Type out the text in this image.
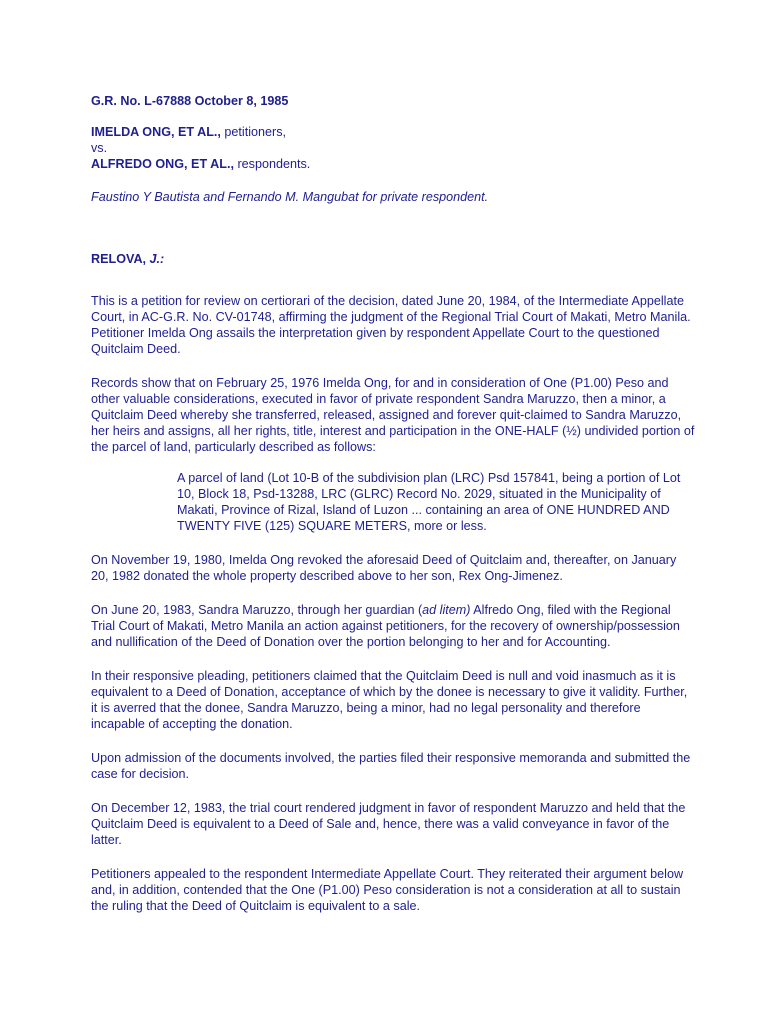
G.R. No. L-67888 October 8, 1985

IMELDA ONG, ET AL., petitioners,
vs.
ALFREDO ONG, ET AL., respondents.

Faustino Y Bautista and Fernando M. Mangubat for private respondent.

RELOVA, J.:

This is a petition for review on certiorari of the decision, dated June 20, 1984, of the Intermediate Appellate Court, in AC-G.R. No. CV-01748, affirming the judgment of the Regional Trial Court of Makati, Metro Manila. Petitioner Imelda Ong assails the interpretation given by respondent Appellate Court to the questioned Quitclaim Deed.

Records show that on February 25, 1976 Imelda Ong, for and in consideration of One (P1.00) Peso and other valuable considerations, executed in favor of private respondent Sandra Maruzzo, then a minor, a Quitclaim Deed whereby she transferred, released, assigned and forever quit-claimed to Sandra Maruzzo, her heirs and assigns, all her rights, title, interest and participation in the ONE-HALF (½) undivided portion of the parcel of land, particularly described as follows:

A parcel of land (Lot 10-B of the subdivision plan (LRC) Psd 157841, being a portion of Lot 10, Block 18, Psd-13288, LRC (GLRC) Record No. 2029, situated in the Municipality of Makati, Province of Rizal, Island of Luzon ... containing an area of ONE HUNDRED AND TWENTY FIVE (125) SQUARE METERS, more or less.

On November 19, 1980, Imelda Ong revoked the aforesaid Deed of Quitclaim and, thereafter, on January 20, 1982 donated the whole property described above to her son, Rex Ong-Jimenez.

On June 20, 1983, Sandra Maruzzo, through her guardian (ad litem) Alfredo Ong, filed with the Regional Trial Court of Makati, Metro Manila an action against petitioners, for the recovery of ownership/possession and nullification of the Deed of Donation over the portion belonging to her and for Accounting.

In their responsive pleading, petitioners claimed that the Quitclaim Deed is null and void inasmuch as it is equivalent to a Deed of Donation, acceptance of which by the donee is necessary to give it validity. Further, it is averred that the donee, Sandra Maruzzo, being a minor, had no legal personality and therefore incapable of accepting the donation.

Upon admission of the documents involved, the parties filed their responsive memoranda and submitted the case for decision.

On December 12, 1983, the trial court rendered judgment in favor of respondent Maruzzo and held that the Quitclaim Deed is equivalent to a Deed of Sale and, hence, there was a valid conveyance in favor of the latter.

Petitioners appealed to the respondent Intermediate Appellate Court. They reiterated their argument below and, in addition, contended that the One (P1.00) Peso consideration is not a consideration at all to sustain the ruling that the Deed of Quitclaim is equivalent to a sale.
